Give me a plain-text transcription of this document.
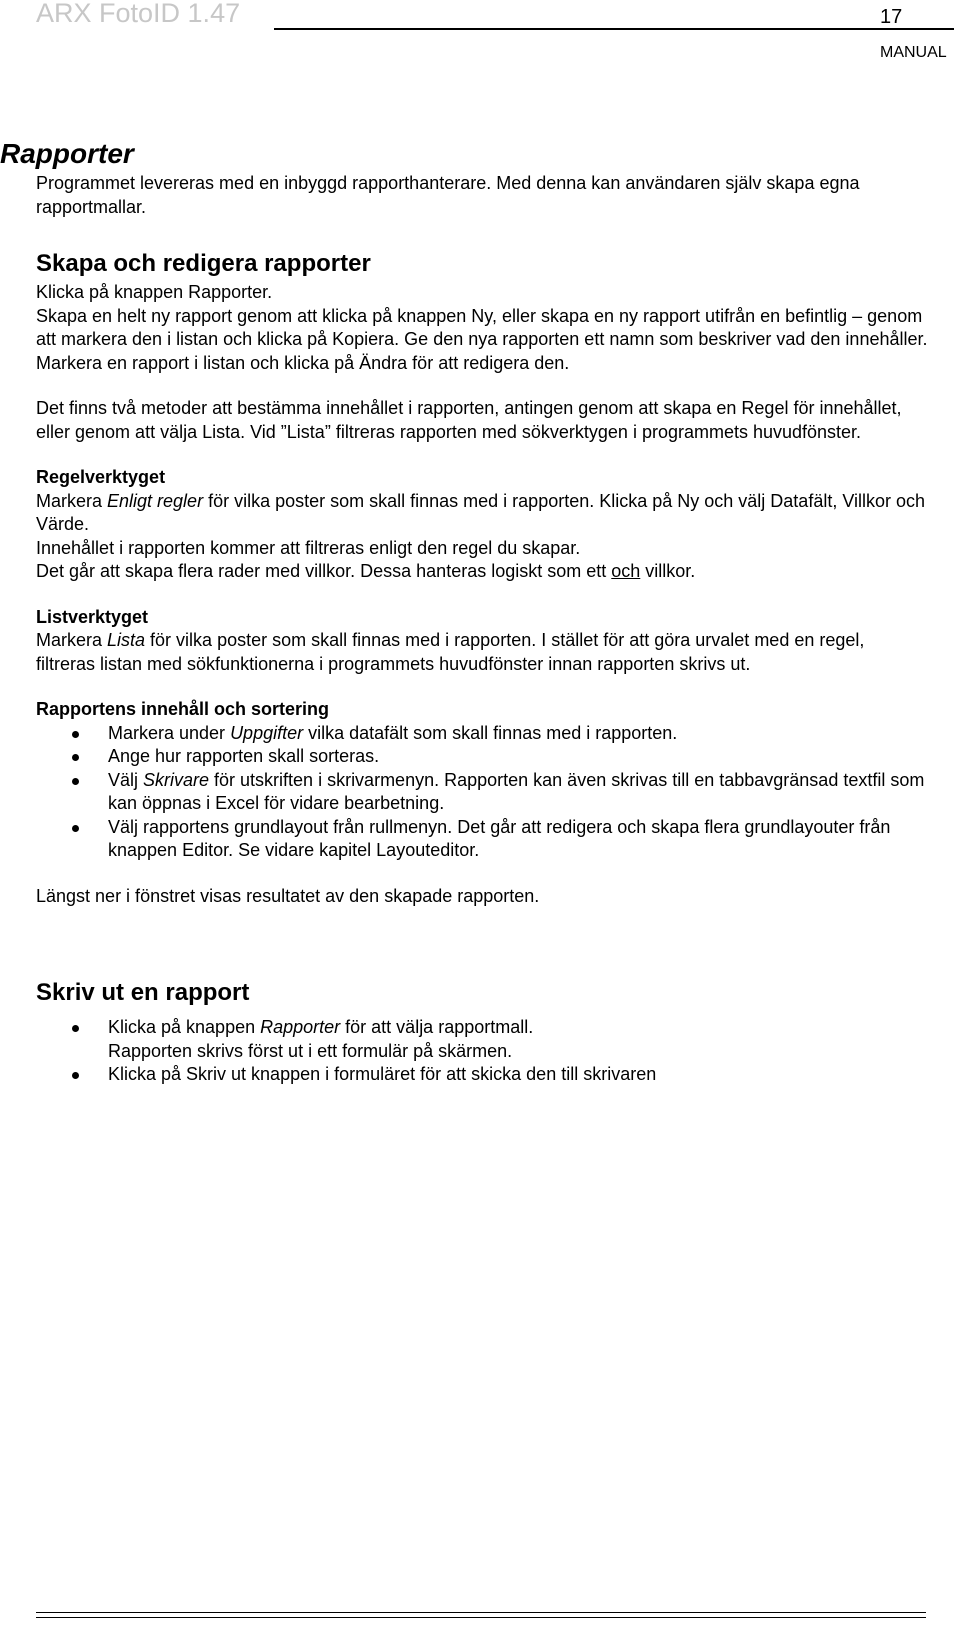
ARX FotoID 1.47	17
MANUAL
Rapporter

Programmet levereras med en inbyggd rapporthanterare. Med denna kan användaren själv skapa egna rapportmallar.

Skapa och redigera rapporter

Klicka på knappen Rapporter.

Skapa en helt ny rapport genom att klicka på knappen Ny, eller skapa en ny rapport utifrån en befintlig – genom att markera den i listan och klicka på Kopiera. Ge den nya rapporten ett namn som beskriver vad den innehåller. Markera en rapport i listan och klicka på Ändra för att redigera den.

Det finns två metoder att bestämma innehållet i rapporten, antingen genom att skapa en Regel för innehållet, eller genom att välja Lista. Vid ”Lista” filtreras rapporten med sökverktygen i programmets huvudfönster.

Regelverktyget

Markera Enligt regler för vilka poster som skall finnas med i rapporten. Klicka på Ny och välj Datafält, Villkor och Värde.

Innehållet i rapporten kommer att filtreras enligt den regel du skapar.

Det går att skapa flera rader med villkor. Dessa hanteras logiskt som ett och villkor.

Listverktyget

Markera Lista för vilka poster som skall finnas med i rapporten. I stället för att göra urvalet med en regel, filtreras listan med sökfunktionerna i programmets huvudfönster innan rapporten skrivs ut.

Rapportens innehåll och sortering

Markera under Uppgifter vilka datafält som skall finnas med i rapporten.
Ange hur rapporten skall sorteras.
Välj Skrivare för utskriften i skrivarmenyn. Rapporten kan även skrivas till en tabbavgränsad textfil som kan öppnas i Excel för vidare bearbetning.
Välj rapportens grundlayout från rullmenyn. Det går att redigera och skapa flera grundlayouter från knappen Editor. Se vidare kapitel Layouteditor.

Längst ner i fönstret visas resultatet av den skapade rapporten.

Skriv ut en rapport
Klicka på knappen Rapporter för att välja rapportmall.
Rapporten skrivs först ut i ett formulär på skärmen.
Klicka på Skriv ut knappen i formuläret för att skicka den till skrivaren
